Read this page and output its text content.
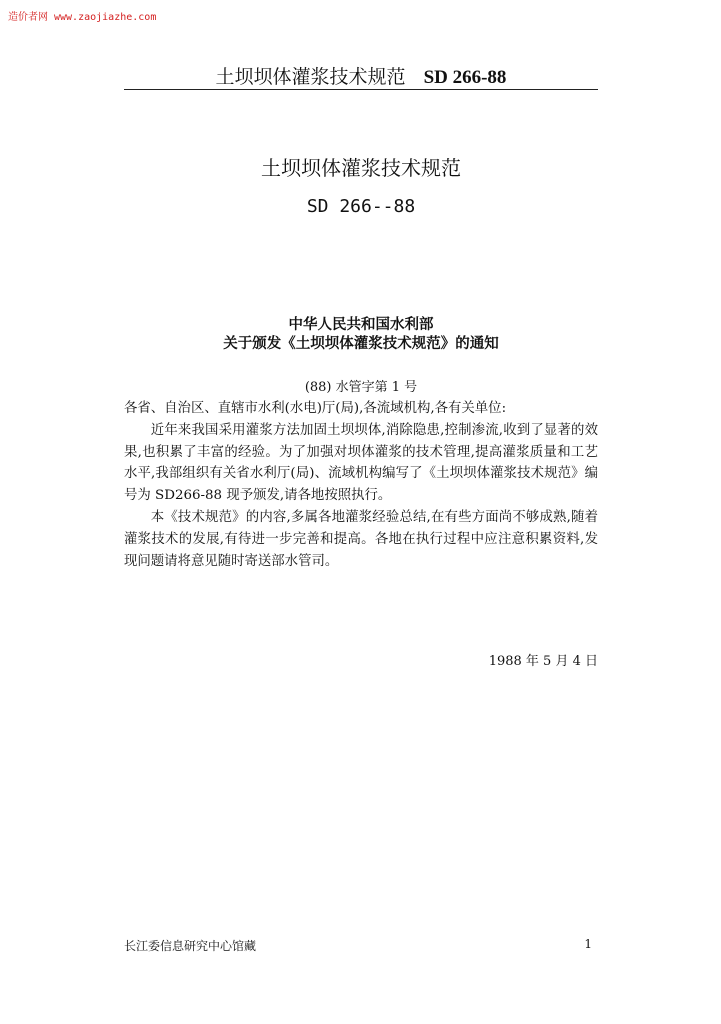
造价者网 www.zaojiazhe.com
土坝坝体灌浆技术规范 SD 266-88
土坝坝体灌浆技术规范
SD 266--88
中华人民共和国水利部
关于颁发《土坝坝体灌浆技术规范》的通知
(88) 水管字第 1 号

各省、自治区、直辖市水利(水电)厅(局),各流域机构,各有关单位:

近年来我国采用灌浆方法加固土坝坝体,消除隐患,控制渗流,收到了显著的效果,也积累了丰富的经验。为了加强对坝体灌浆的技术管理,提高灌浆质量和工艺水平,我部组织有关省水利厅(局)、流域机构编写了《土坝坝体灌浆技术规范》编号为 SD266-88 现予颁发,请各地按照执行。

本《技术规范》的内容,多属各地灌浆经验总结,在有些方面尚不够成熟,随着灌浆技术的发展,有待进一步完善和提高。各地在执行过程中应注意积累资料,发现问题请将意见随时寄送部水管司。

1988 年 5 月 4 日
长江委信息研究中心馆藏	1
